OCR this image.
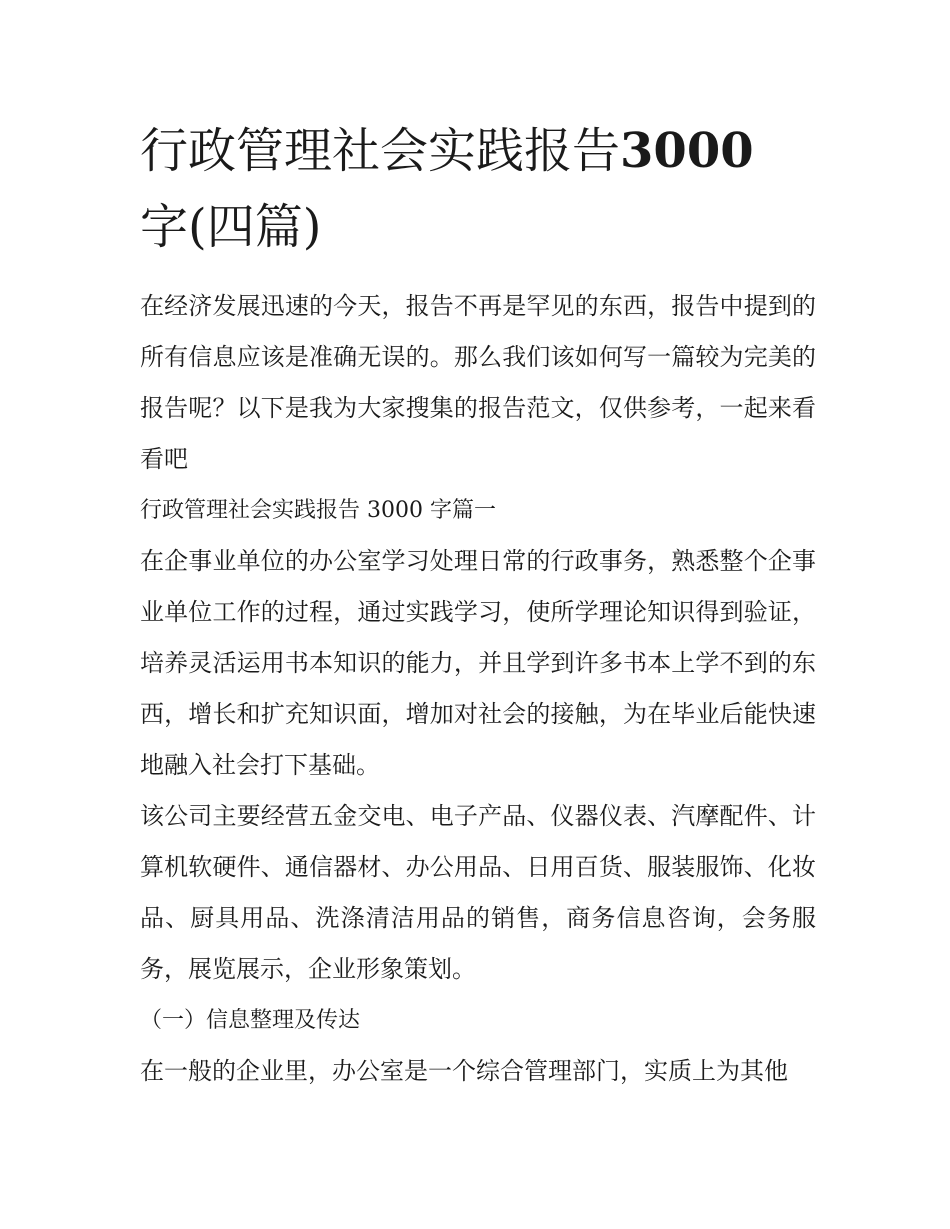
行政管理社会实践报告3000
字(四篇)

在经济发展迅速的今天，报告不再是罕见的东西，报告中提到的所有信息应该是准确无误的。那么我们该如何写一篇较为完美的报告呢？以下是我为大家搜集的报告范文，仅供参考，一起来看看吧

行政管理社会实践报告 3000 字篇一

在企事业单位的办公室学习处理日常的行政事务，熟悉整个企事业单位工作的过程，通过实践学习，使所学理论知识得到验证，培养灵活运用书本知识的能力，并且学到许多书本上学不到的东西，增长和扩充知识面，增加对社会的接触，为在毕业后能快速地融入社会打下基础。

该公司主要经营五金交电、电子产品、仪器仪表、汽摩配件、计算机软硬件、通信器材、办公用品、日用百货、服装服饰、化妆品、厨具用品、洗涤清洁用品的销售，商务信息咨询，会务服务，展览展示，企业形象策划。

（一）信息整理及传达

在一般的企业里，办公室是一个综合管理部门，实质上为其他
